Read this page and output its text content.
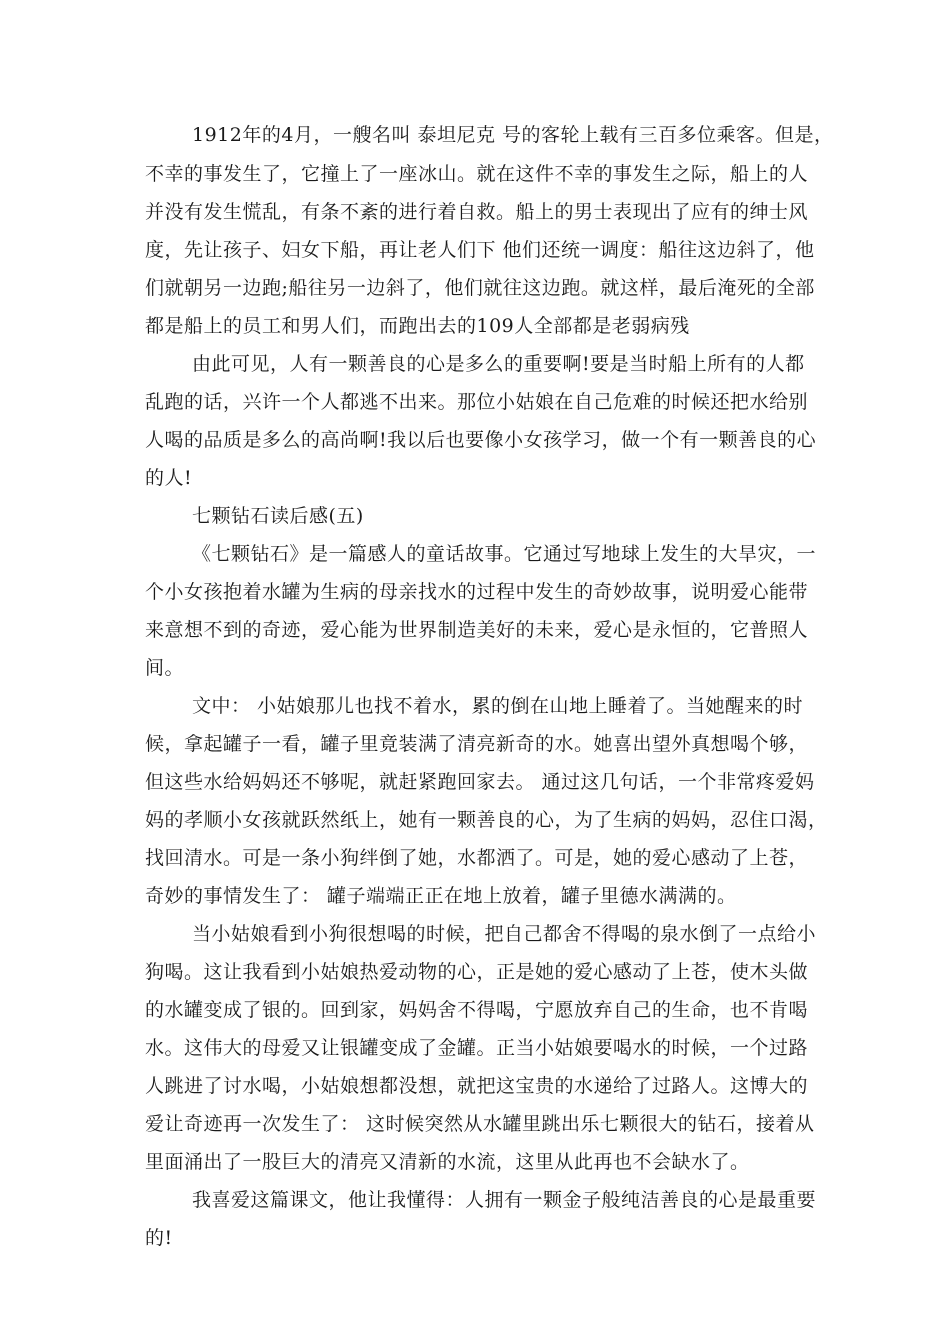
1912年的4月，一艘名叫 泰坦尼克 号的客轮上载有三百多位乘客。但是，

不幸的事发生了，它撞上了一座冰山。就在这件不幸的事发生之际，船上的人

并没有发生慌乱，有条不紊的进行着自救。船上的男士表现出了应有的绅士风

度，先让孩子、妇女下船，再让老人们下 他们还统一调度：船往这边斜了，他

们就朝另一边跑;船往另一边斜了，他们就往这边跑。就这样，最后淹死的全部

都是船上的员工和男人们，而跑出去的109人全部都是老弱病残

由此可见，人有一颗善良的心是多么的重要啊!要是当时船上所有的人都

乱跑的话，兴许一个人都逃不出来。那位小姑娘在自己危难的时候还把水给别

人喝的品质是多么的高尚啊!我以后也要像小女孩学习，做一个有一颗善良的心

的人!

七颗钻石读后感(五)

《七颗钻石》是一篇感人的童话故事。它通过写地球上发生的大旱灾，一

个小女孩抱着水罐为生病的母亲找水的过程中发生的奇妙故事，说明爱心能带

来意想不到的奇迹，爱心能为世界制造美好的未来，爱心是永恒的，它普照人

间。

文中： 小姑娘那儿也找不着水，累的倒在山地上睡着了。当她醒来的时

候，拿起罐子一看，罐子里竟装满了清亮新奇的水。她喜出望外真想喝个够，

但这些水给妈妈还不够呢，就赶紧跑回家去。 通过这几句话，一个非常疼爱妈

妈的孝顺小女孩就跃然纸上，她有一颗善良的心，为了生病的妈妈，忍住口渴，

找回清水。可是一条小狗绊倒了她，水都洒了。可是，她的爱心感动了上苍，

奇妙的事情发生了： 罐子端端正正在地上放着，罐子里德水满满的。

当小姑娘看到小狗很想喝的时候，把自己都舍不得喝的泉水倒了一点给小

狗喝。这让我看到小姑娘热爱动物的心，正是她的爱心感动了上苍，使木头做

的水罐变成了银的。回到家，妈妈舍不得喝，宁愿放弃自己的生命，也不肯喝

水。这伟大的母爱又让银罐变成了金罐。正当小姑娘要喝水的时候，一个过路

人跳进了讨水喝，小姑娘想都没想，就把这宝贵的水递给了过路人。这博大的

爱让奇迹再一次发生了： 这时候突然从水罐里跳出乐七颗很大的钻石，接着从

里面涌出了一股巨大的清亮又清新的水流，这里从此再也不会缺水了。

我喜爱这篇课文，他让我懂得：人拥有一颗金子般纯洁善良的心是最重要

的!
